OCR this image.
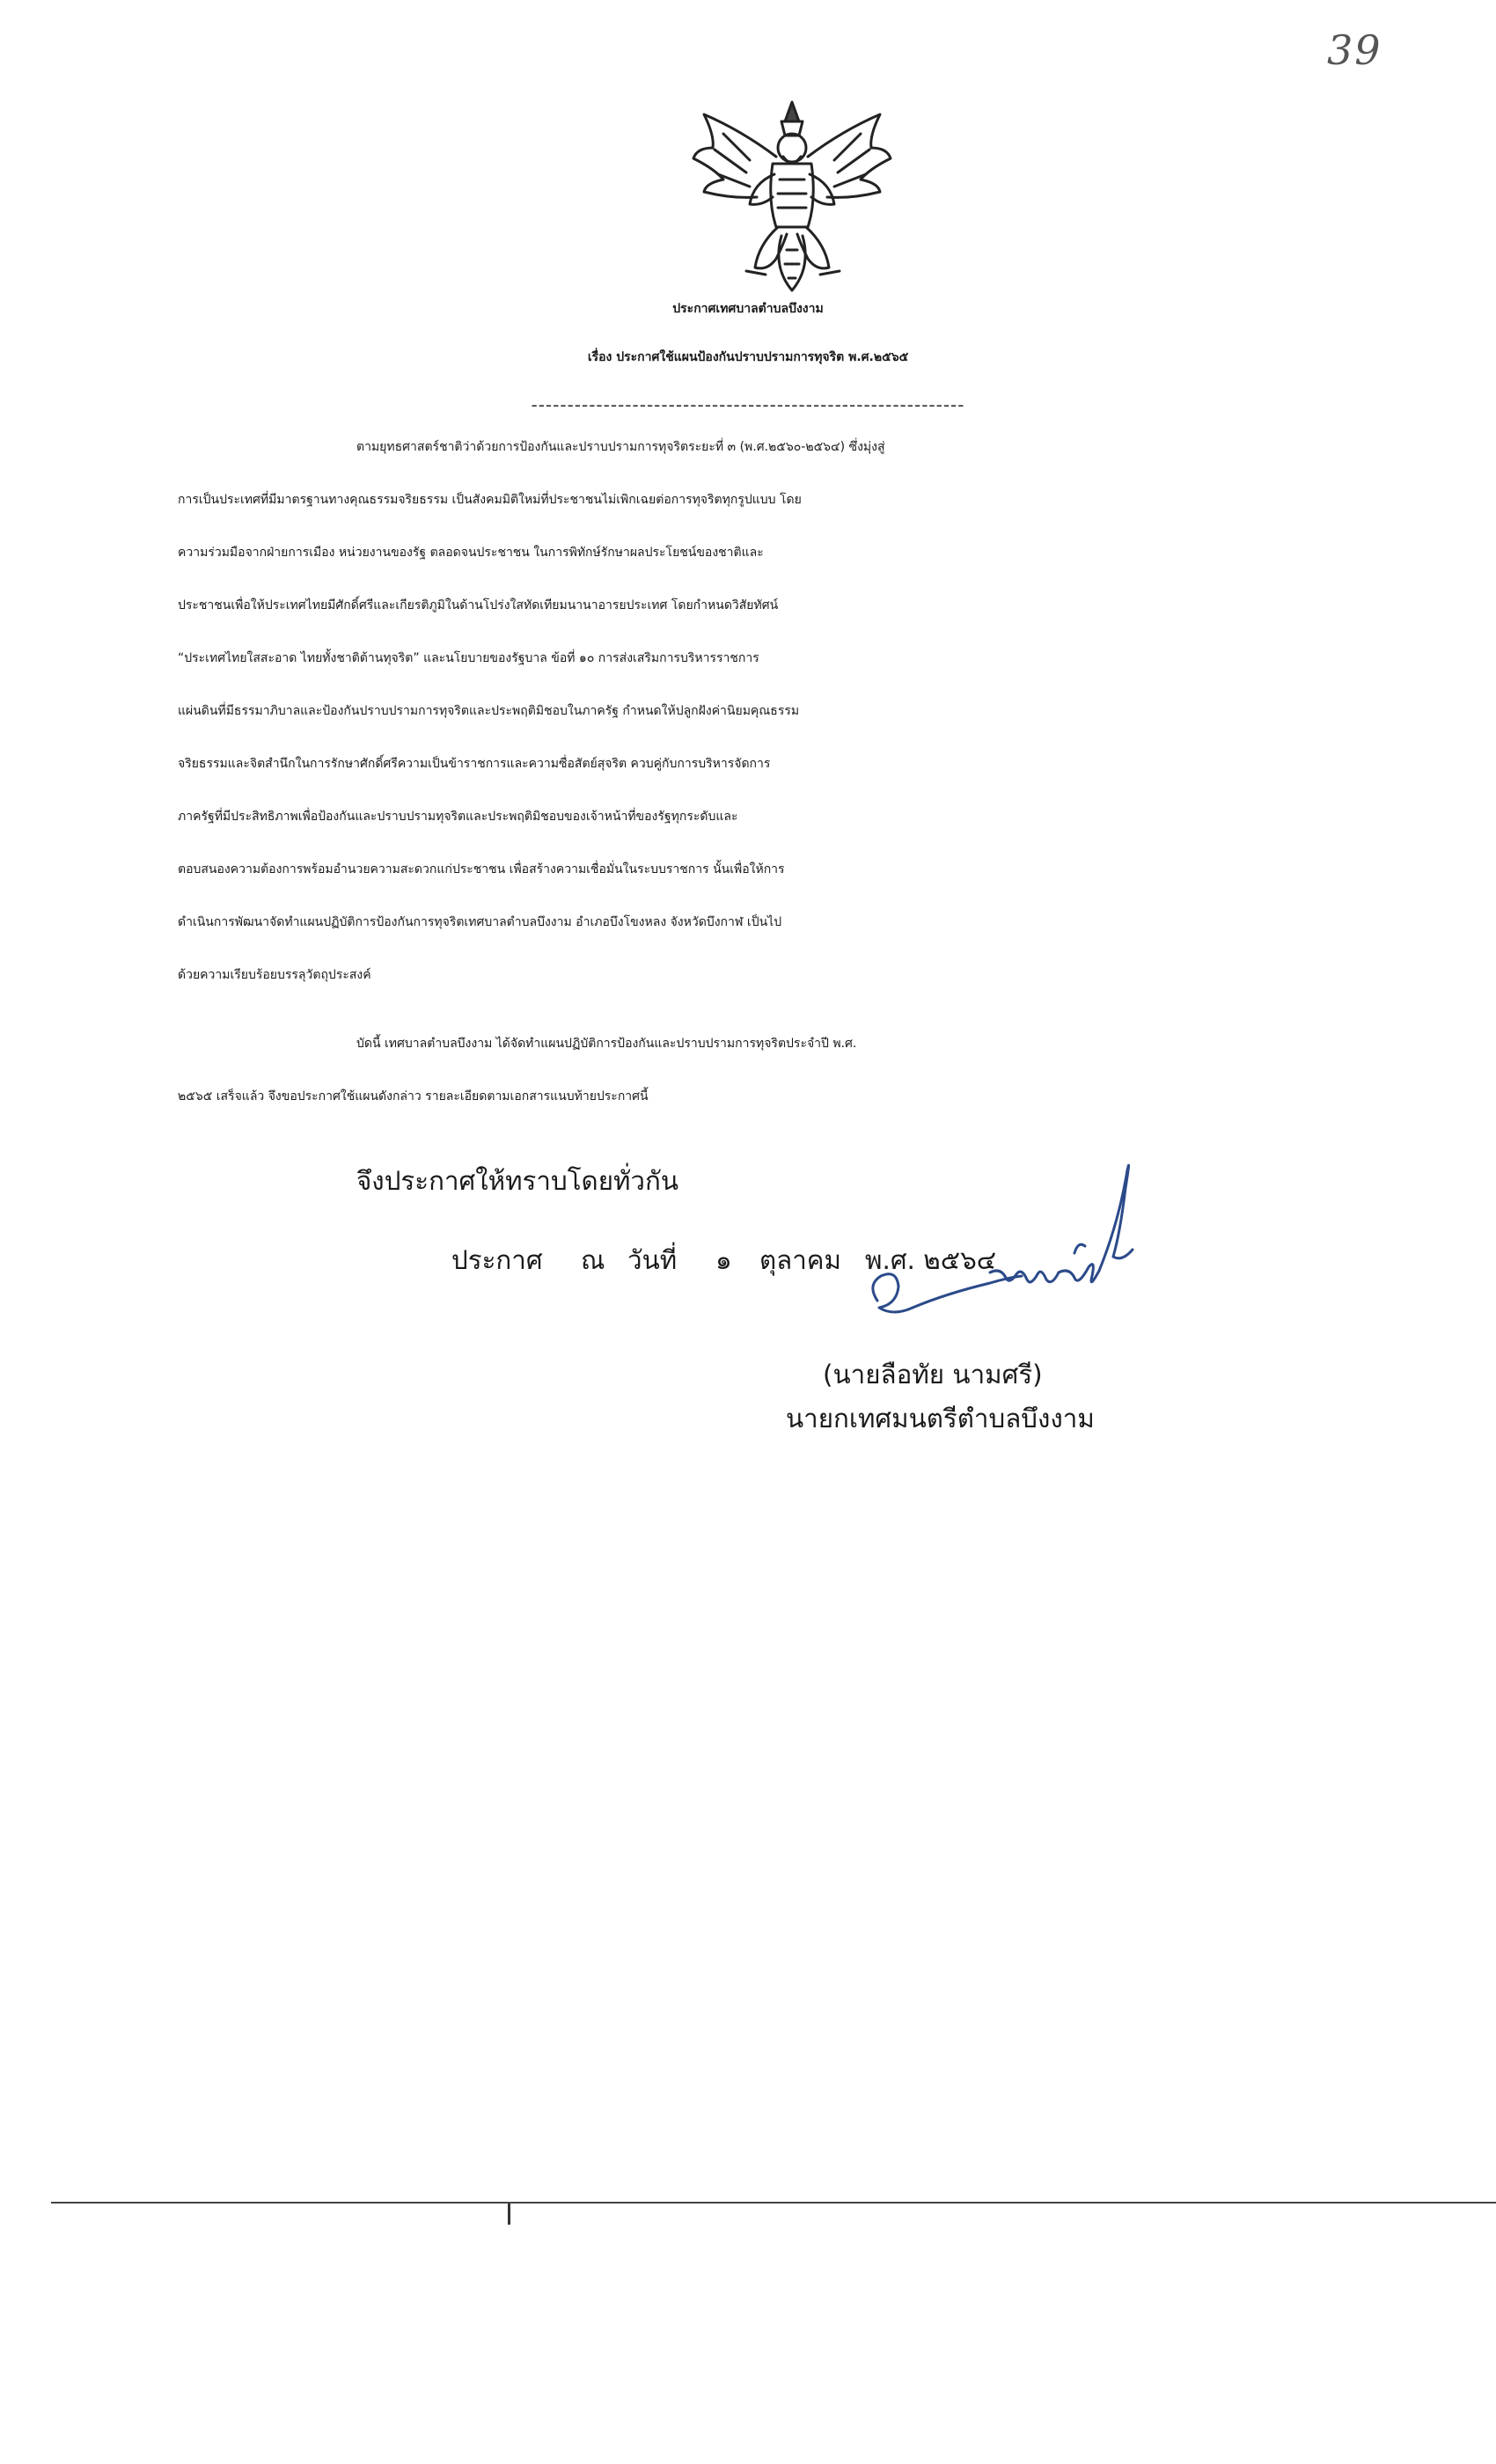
39
ประกาศเทศบาลตำบลบึงงาม
เรื่อง ประกาศใช้แผนป้องกันปราบปรามการทุจริต พ.ศ.๒๕๖๕
------------------------------------------------------------
ตามยุทธศาสตร์ชาติว่าด้วยการป้องกันและปราบปรามการทุจริตระยะที่ ๓ (พ.ศ.๒๕๖๐-๒๕๖๔) ซึ่งมุ่งสู่
การเป็นประเทศที่มีมาตรฐานทางคุณธรรมจริยธรรม เป็นสังคมมิติใหม่ที่ประชาชนไม่เพิกเฉยต่อการทุจริตทุกรูปแบบ โดย
ความร่วมมือจากฝ่ายการเมือง หน่วยงานของรัฐ ตลอดจนประชาชน ในการพิทักษ์รักษาผลประโยชน์ของชาติและ
ประชาชนเพื่อให้ประเทศไทยมีศักดิ์ศรีและเกียรติภูมิในด้านโปร่งใสทัดเทียมนานาอารยประเทศ โดยกำหนดวิสัยทัศน์
“ประเทศไทยใสสะอาด ไทยทั้งชาติต้านทุจริต” และนโยบายของรัฐบาล ข้อที่ ๑๐ การส่งเสริมการบริหารราชการ
แผ่นดินที่มีธรรมาภิบาลและป้องกันปราบปรามการทุจริตและประพฤติมิชอบในภาครัฐ กำหนดให้ปลูกฝังค่านิยมคุณธรรม
จริยธรรมและจิตสำนึกในการรักษาศักดิ์ศรีความเป็นข้าราชการและความซื่อสัตย์สุจริต ควบคู่กับการบริหารจัดการ
ภาครัฐที่มีประสิทธิภาพเพื่อป้องกันและปราบปรามทุจริตและประพฤติมิชอบของเจ้าหน้าที่ของรัฐทุกระดับและ
ตอบสนองความต้องการพร้อมอำนวยความสะดวกแก่ประชาชน เพื่อสร้างความเชื่อมั่นในระบบราชการ นั้นเพื่อให้การ
ดำเนินการพัฒนาจัดทำแผนปฏิบัติการป้องกันการทุจริตเทศบาลตำบลบึงงาม อำเภอบึงโขงหลง จังหวัดบึงกาฬ เป็นไป
ด้วยความเรียบร้อยบรรลุวัตถุประสงค์
บัดนี้ เทศบาลตำบลบึงงาม ได้จัดทำแผนปฏิบัติการป้องกันและปราบปรามการทุจริตประจำปี พ.ศ.
๒๕๖๕ เสร็จแล้ว จึงขอประกาศใช้แผนดังกล่าว รายละเอียดตามเอกสารแนบท้ายประกาศนี้
จึงประกาศให้ทราบโดยทั่วกัน
ประกาศ ณ วันที่ ๑ ตุลาคม พ.ศ. ๒๕๖๔
(นายลือทัย นามศรี)
นายกเทศมนตรีตำบลบึงงาม
